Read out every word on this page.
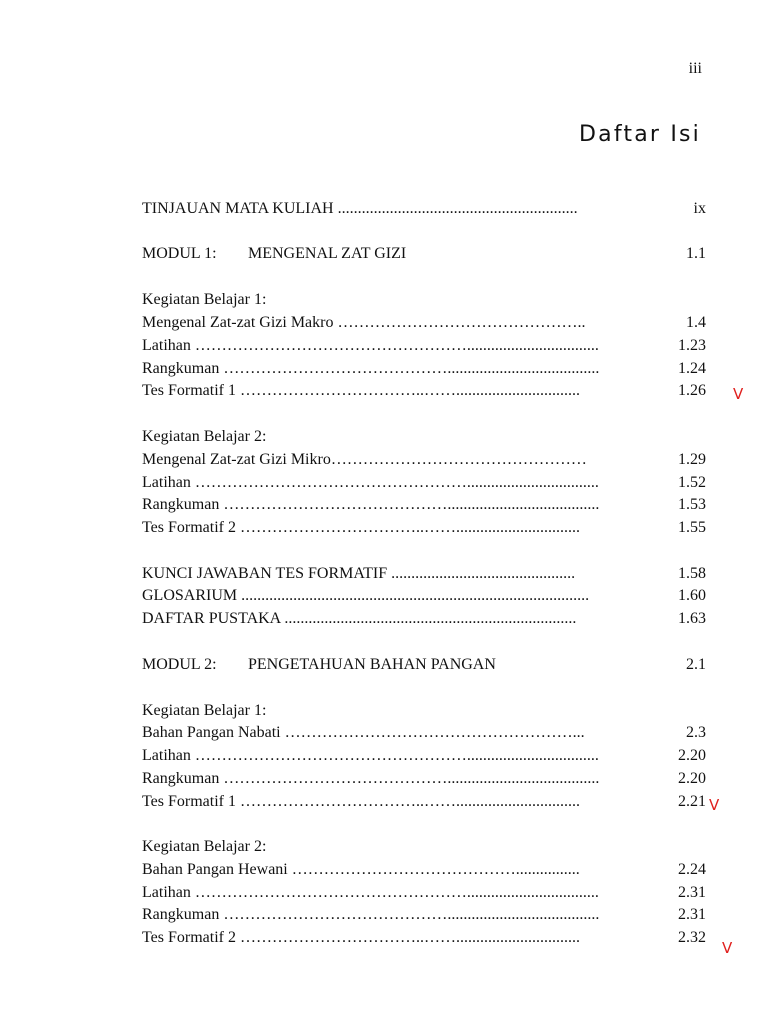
iii
Daftar Isi
TINJAUAN MATA KULIAH ............................................................	ix
MODUL 1: MENGENAL ZAT GIZI	1.1
Kegiatan Belajar 1:
Mengenal Zat-zat Gizi Makro ………………………………………..	1.4
Latihan …………………………………………….................................	1.23
Rangkuman ……………………………………......................................	1.24
Tes Formatif 1 ……………………………..……...............................	1.26 V
Kegiatan Belajar 2:
Mengenal Zat-zat Gizi Mikro…………………………………………	1.29
Latihan …………………………………………….................................	1.52
Rangkuman ……………………………………......................................	1.53
Tes Formatif 2 ……………………………..……...............................	1.55
KUNCI JAWABAN TES FORMATIF ..............................................	1.58
GLOSARIUM .......................................................................................	1.60
DAFTAR PUSTAKA .........................................................................	1.63
MODUL 2: PENGETAHUAN BAHAN PANGAN	2.1
Kegiatan Belajar 1:
Bahan Pangan Nabati ………………………………………………...	2.3
Latihan …………………………………………….................................	2.20
Rangkuman ……………………………………......................................	2.20
Tes Formatif 1 ……………………………..……...............................	2.21 V
Kegiatan Belajar 2:
Bahan Pangan Hewani ……………………………………................	2.24
Latihan …………………………………………….................................	2.31
Rangkuman ……………………………………......................................	2.31
Tes Formatif 2 ……………………………..……...............................	2.32
V
